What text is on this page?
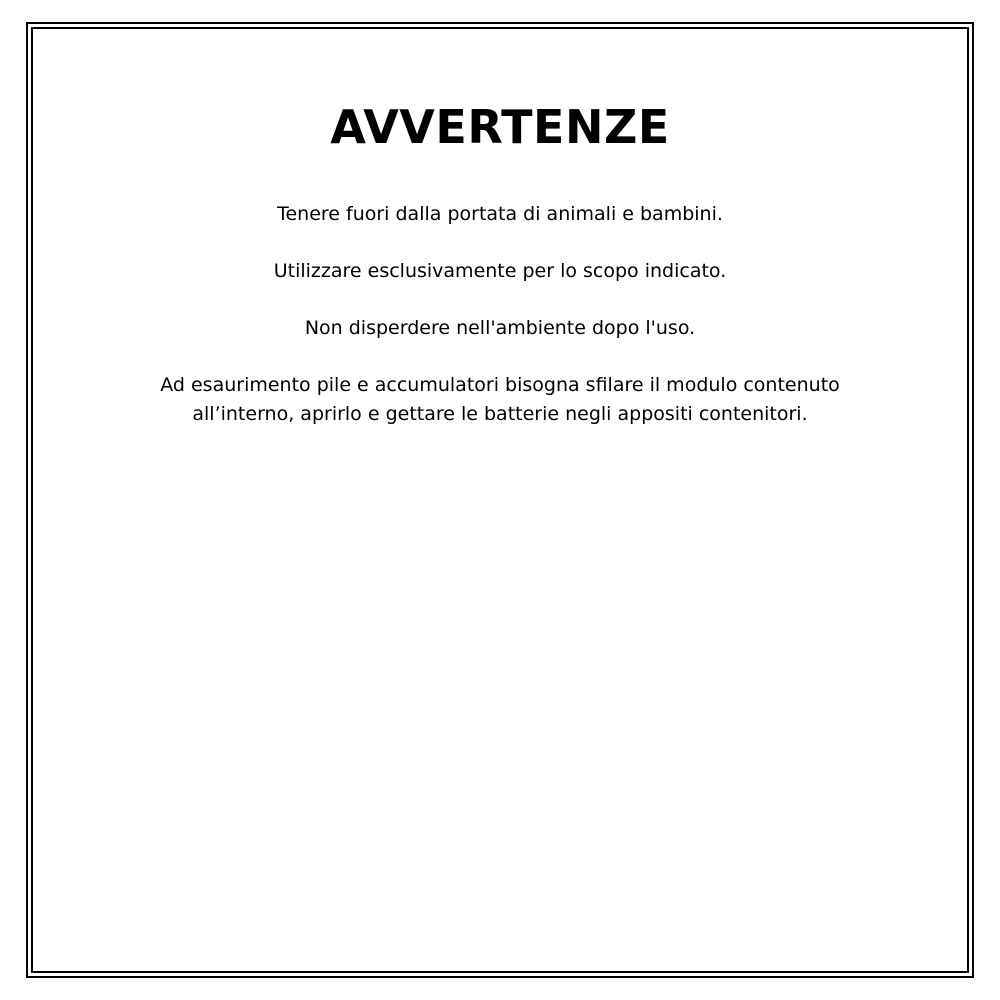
AVVERTENZE

Tenere fuori dalla portata di animali e bambini.

Utilizzare esclusivamente per lo scopo indicato.

Non disperdere nell'ambiente dopo l'uso.

Ad esaurimento pile e accumulatori bisogna sfilare il modulo contenuto
all’interno, aprirlo e gettare le batterie negli appositi contenitori.
